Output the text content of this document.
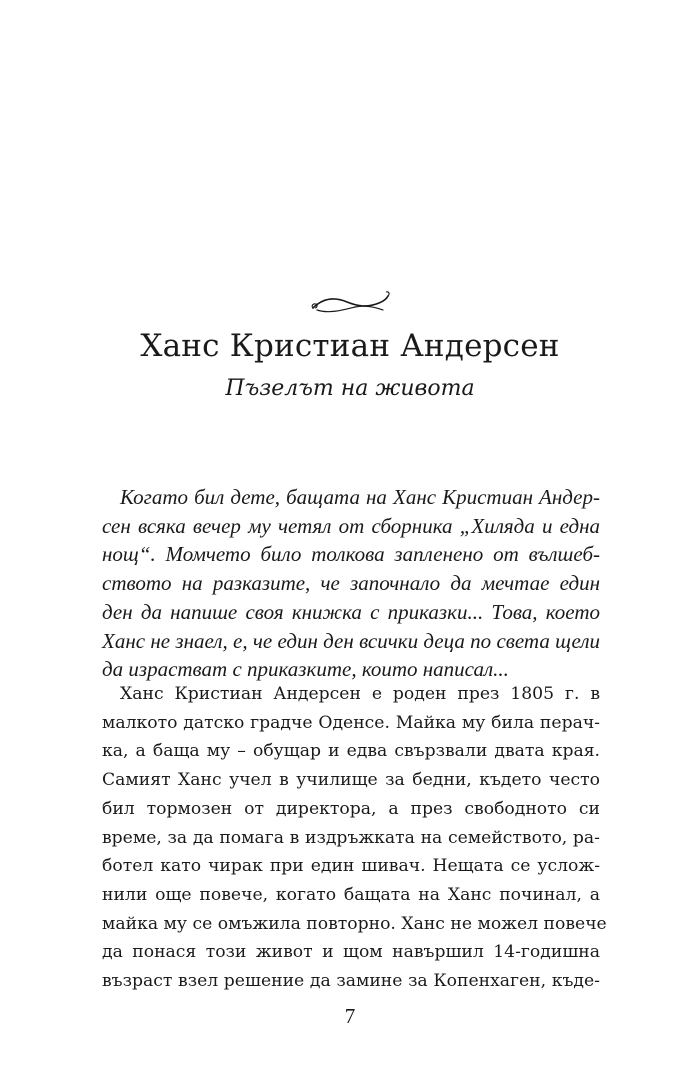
Ханс Кристиан Андерсен
Пъзелът на живота
Когато бил дете, бащата на Ханс Кристиан Андер-
сен всяка вечер му четял от сборника „Хиляда и една
нощ“. Момчето било толкова запленено от вълшеб-
ството на разказите, че започнало да мечтае един
ден да напише своя книжка с приказки... Това, което
Ханс не знаел, е, че един ден всички деца по света щели
да израстват с приказките, които написал...
Ханс Кристиан Андерсен е роден през 1805 г. в
малкото датско градче Оденсе. Майка му била перач-
ка, а баща му – обущар и едва свързвали двата края.
Самият Ханс учел в училище за бедни, където често
бил тормозен от директора, а през свободното си
време, за да помага в издръжката на семейството, ра-
ботел като чирак при един шивач. Нещата се услож-
нили още повече, когато бащата на Ханс починал, а
майка му се омъжила повторно. Ханс не можел повече
да понася този живот и щом навършил 14-годишна
възраст взел решение да замине за Копенхаген, къде-
7
